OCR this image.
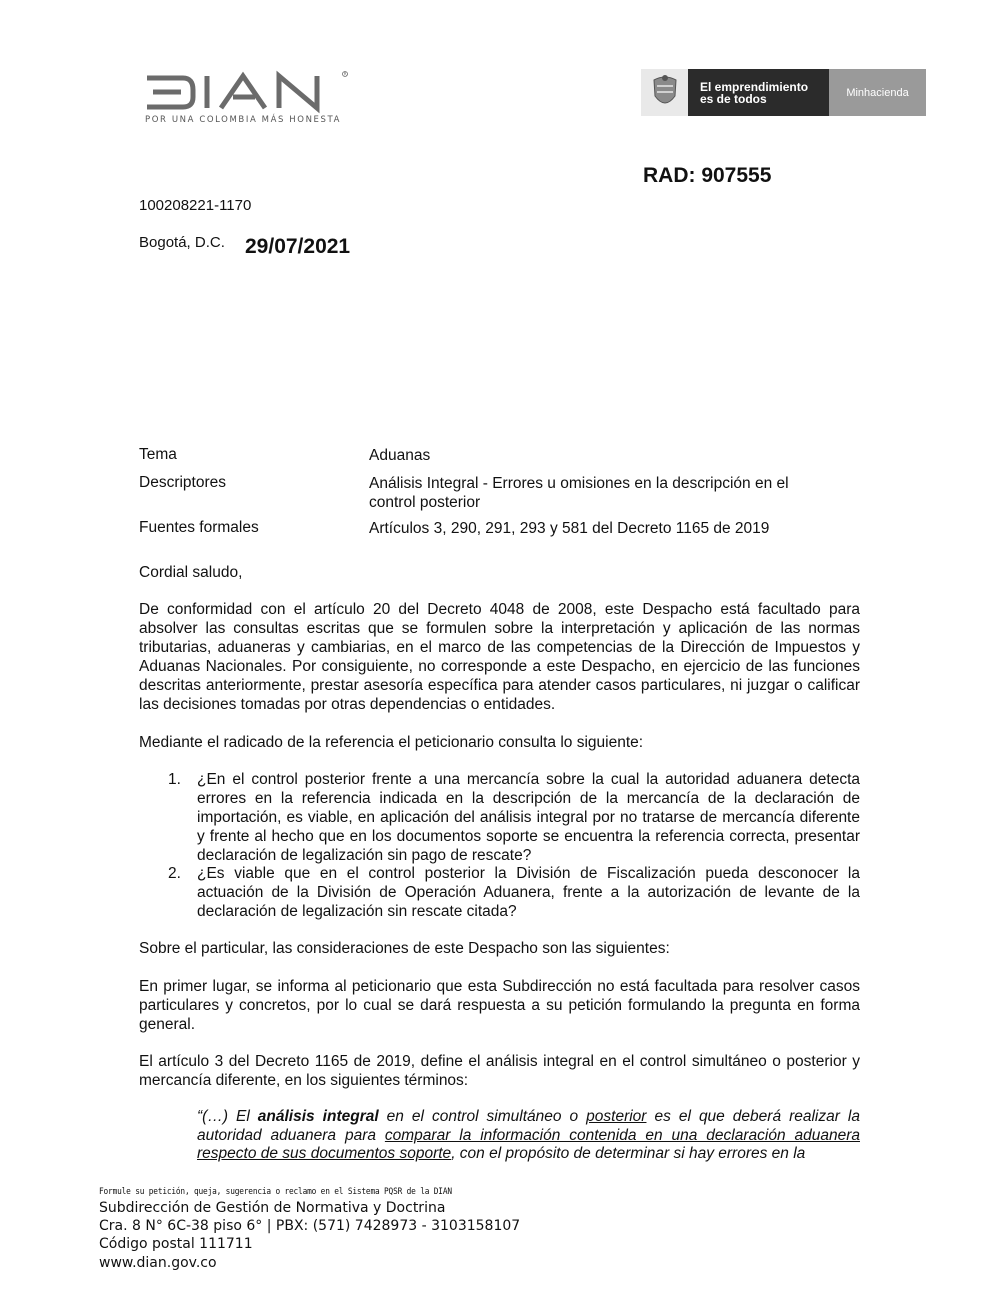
R
POR UNA COLOMBIA MÁS HONESTA
El emprendimiento
es de todos	Minhacienda
RAD: 907555
100208221-1170
Bogotá, D.C. 29/07/2021
Tema	Aduanas
Descriptores	Análisis Integral - Errores u omisiones en la descripción en el control posterior
Fuentes formales	Artículos 3, 290, 291, 293 y 581 del Decreto 1165 de 2019
Cordial saludo,

De conformidad con el artículo 20 del Decreto 4048 de 2008, este Despacho está facultado para absolver las consultas escritas que se formulen sobre la interpretación y aplicación de las normas tributarias, aduaneras y cambiarias, en el marco de las competencias de la Dirección de Impuestos y Aduanas Nacionales. Por consiguiente, no corresponde a este Despacho, en ejercicio de las funciones descritas anteriormente, prestar asesoría específica para atender casos particulares, ni juzgar o calificar las decisiones tomadas por otras dependencias o entidades.

Mediante el radicado de la referencia el peticionario consulta lo siguiente:

1. ¿En el control posterior frente a una mercancía sobre la cual la autoridad aduanera detecta errores en la referencia indicada en la descripción de la mercancía de la declaración de importación, es viable, en aplicación del análisis integral por no tratarse de mercancía diferente y frente al hecho que en los documentos soporte se encuentra la referencia correcta, presentar declaración de legalización sin pago de rescate?

2. ¿Es viable que en el control posterior la División de Fiscalización pueda desconocer la actuación de la División de Operación Aduanera, frente a la autorización de levante de la declaración de legalización sin rescate citada?

Sobre el particular, las consideraciones de este Despacho son las siguientes:

En primer lugar, se informa al peticionario que esta Subdirección no está facultada para resolver casos particulares y concretos, por lo cual se dará respuesta a su petición formulando la pregunta en forma general.

El artículo 3 del Decreto 1165 de 2019, define el análisis integral en el control simultáneo o posterior y mercancía diferente, en los siguientes términos:

“(…) El análisis integral en el control simultáneo o posterior es el que deberá realizar la autoridad aduanera para comparar la información contenida en una declaración aduanera respecto de sus documentos soporte, con el propósito de determinar si hay errores en la

Formule su petición, queja, sugerencia o reclamo en el Sistema PQSR de la DIAN
Subdirección de Gestión de Normativa y Doctrina
Cra. 8 N° 6C-38 piso 6° | PBX: (571) 7428973 - 3103158107
Código postal 111711
www.dian.gov.co
